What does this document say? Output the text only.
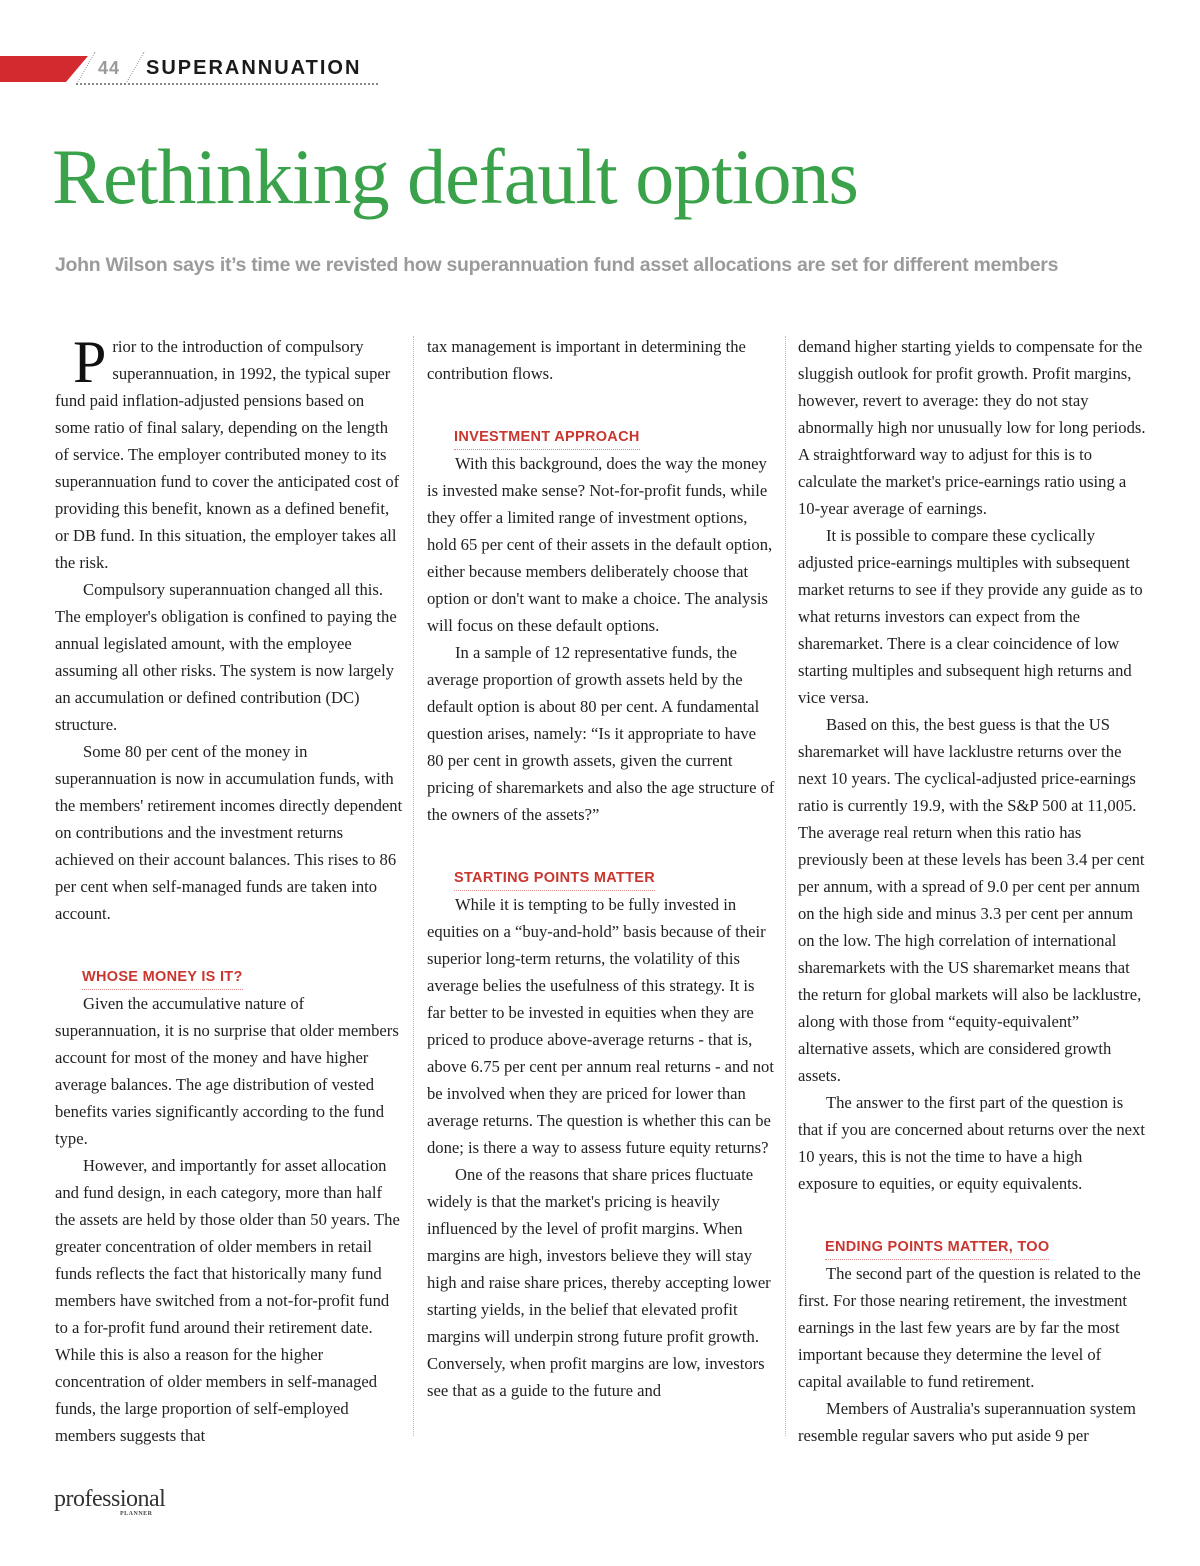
44 SUPERANNUATION
Rethinking default options
John Wilson says it’s time we revisted how superannuation fund asset allocations are set for different members

Prior to the introduction of compulsory superannuation, in 1992, the typical super fund paid inflation-adjusted pensions based on some ratio of final salary, depending on the length of service. The employer contributed money to its superannuation fund to cover the anticipated cost of providing this benefit, known as a defined benefit, or DB fund. In this situation, the employer takes all the risk.

Compulsory superannuation changed all this. The employer's obligation is confined to paying the annual legislated amount, with the employee assuming all other risks. The system is now largely an accumulation or defined contribution (DC) structure.

Some 80 per cent of the money in superannuation is now in accumulation funds, with the members' retirement incomes directly dependent on contributions and the investment returns achieved on their account balances. This rises to 86 per cent when self-managed funds are taken into account.

WHOSE MONEY IS IT?

Given the accumulative nature of superannuation, it is no surprise that older members account for most of the money and have higher average balances. The age distribution of vested benefits varies significantly according to the fund type.

However, and importantly for asset allocation and fund design, in each category, more than half the assets are held by those older than 50 years. The greater concentration of older members in retail funds reflects the fact that historically many fund members have switched from a not-for-profit fund to a for-profit fund around their retirement date. While this is also a reason for the higher concentration of older members in self-managed funds, the large proportion of self-employed members suggests that

tax management is important in determining the contribution flows.

INVESTMENT APPROACH

With this background, does the way the money is invested make sense? Not-for-profit funds, while they offer a limited range of investment options, hold 65 per cent of their assets in the default option, either because members deliberately choose that option or don't want to make a choice. The analysis will focus on these default options.

In a sample of 12 representative funds, the average proportion of growth assets held by the default option is about 80 per cent. A fundamental question arises, namely: “Is it appropriate to have 80 per cent in growth assets, given the current pricing of sharemarkets and also the age structure of the owners of the assets?”

STARTING POINTS MATTER

While it is tempting to be fully invested in equities on a “buy-and-hold” basis because of their superior long-term returns, the volatility of this average belies the usefulness of this strategy. It is far better to be invested in equities when they are priced to produce above-average returns - that is, above 6.75 per cent per annum real returns - and not be involved when they are priced for lower than average returns. The question is whether this can be done; is there a way to assess future equity returns?

One of the reasons that share prices fluctuate widely is that the market's pricing is heavily influenced by the level of profit margins. When margins are high, investors believe they will stay high and raise share prices, thereby accepting lower starting yields, in the belief that elevated profit margins will underpin strong future profit growth. Conversely, when profit margins are low, investors see that as a guide to the future and

demand higher starting yields to compensate for the sluggish outlook for profit growth. Profit margins, however, revert to average: they do not stay abnormally high nor unusually low for long periods. A straightforward way to adjust for this is to calculate the market's price-earnings ratio using a 10-year average of earnings.

It is possible to compare these cyclically adjusted price-earnings multiples with subsequent market returns to see if they provide any guide as to what returns investors can expect from the sharemarket. There is a clear coincidence of low starting multiples and subsequent high returns and vice versa.

Based on this, the best guess is that the US sharemarket will have lacklustre returns over the next 10 years. The cyclical-adjusted price-earnings ratio is currently 19.9, with the S&P 500 at 11,005. The average real return when this ratio has previously been at these levels has been 3.4 per cent per annum, with a spread of 9.0 per cent per annum on the high side and minus 3.3 per cent per annum on the low. The high correlation of international sharemarkets with the US sharemarket means that the return for global markets will also be lacklustre, along with those from “equity-equivalent” alternative assets, which are considered growth assets.

The answer to the first part of the question is that if you are concerned about returns over the next 10 years, this is not the time to have a high exposure to equities, or equity equivalents.

ENDING POINTS MATTER, TOO

The second part of the question is related to the first. For those nearing retirement, the investment earnings in the last few years are by far the most important because they determine the level of capital available to fund retirement.

Members of Australia's superannuation system resemble regular savers who put aside 9 per

professional
PLANNER
